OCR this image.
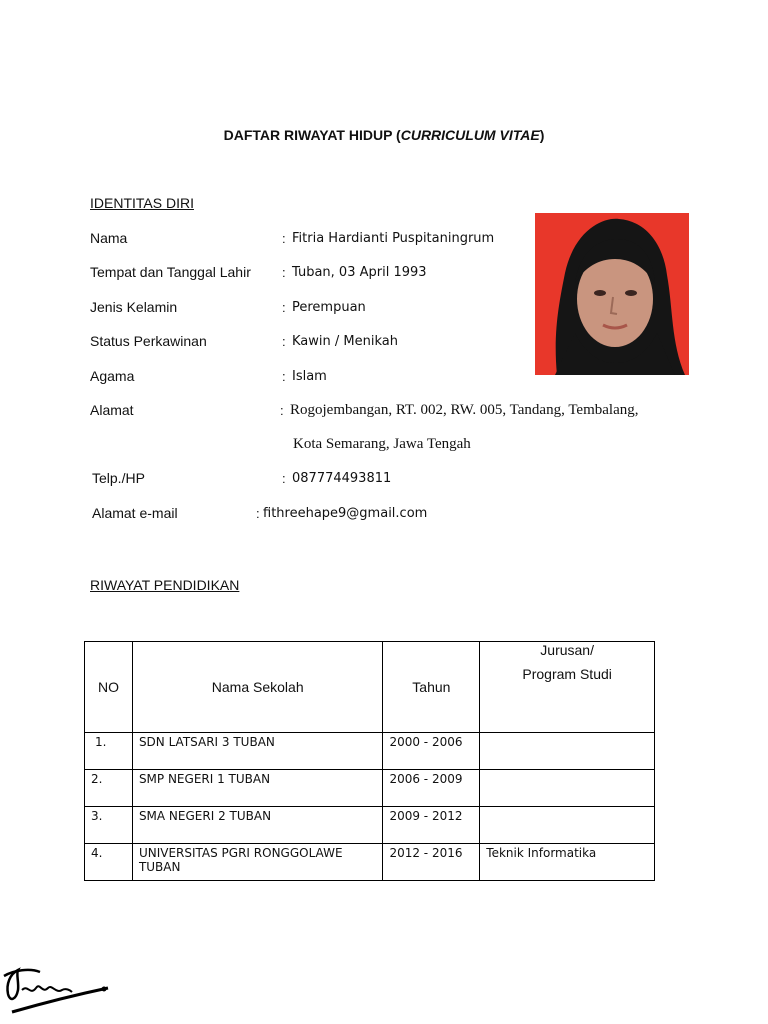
DAFTAR RIWAYAT HIDUP (CURRICULUM VITAE)
IDENTITAS DIRI
Nama	: Fitria Hardianti Puspitaningrum
Tempat dan Tanggal Lahir : Tuban, 03 April 1993
Jenis Kelamin	: Perempuan
Status Perkawinan	: Kawin / Menikah
Agama	: Islam
Alamat	: Rogojembangan, RT. 002, RW. 005, Tandang, Tembalang,
Kota Semarang, Jawa Tengah
Telp./HP	: 087774493811
Alamat e-mail	: fithreehape9@gmail.com
RIWAYAT PENDIDIKAN
NO	Nama Sekolah	Tahun	Jurusan/
Program Studi

1.	SDN LATSARI 3 TUBAN	2000 - 2006	
2.	SMP NEGERI 1 TUBAN	2006 - 2009	
3.	SMA NEGERI 2 TUBAN	2009 - 2012	
4.	UNIVERSITAS PGRI RONGGOLAWE TUBAN	2012 - 2016	Teknik Informatika
